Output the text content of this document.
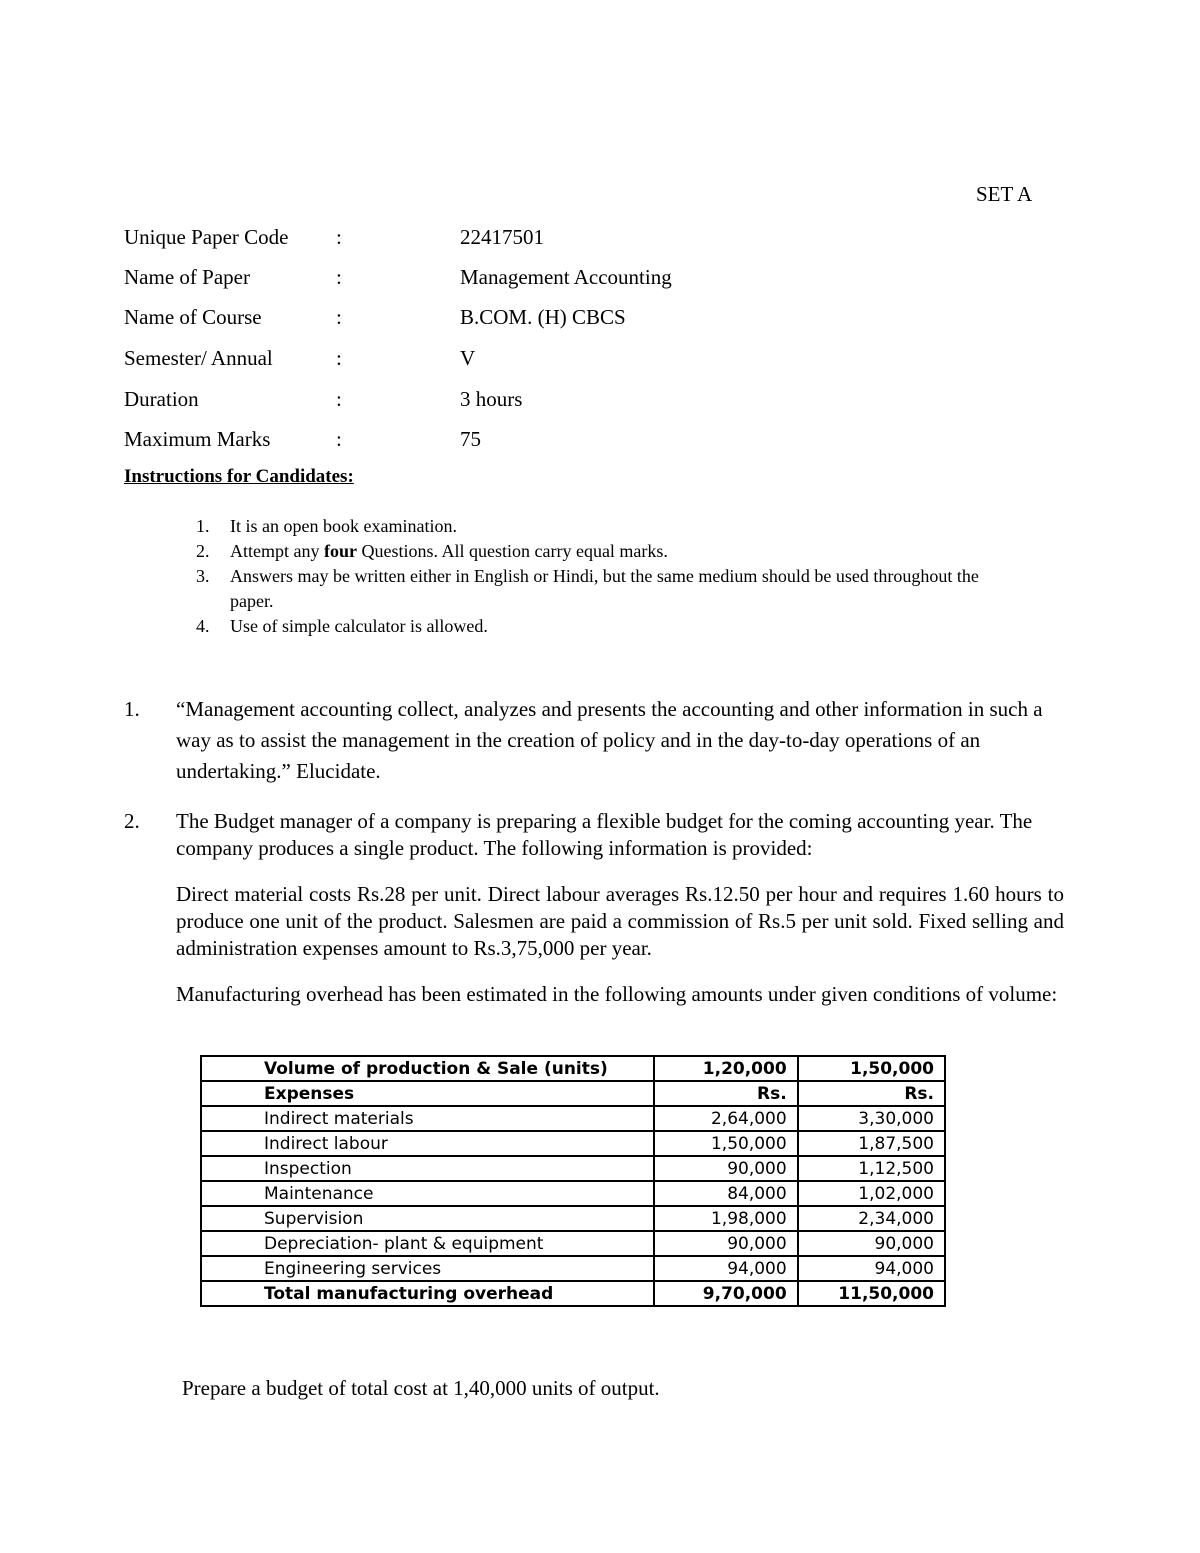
SET A
Unique Paper Code :	22417501
Name of Paper	:	Management Accounting
Name of Course	:	B.COM. (H) CBCS
Semester/ Annual	:	V
Duration	:	3 hours
Maximum Marks	:	75
Instructions for Candidates:
1. It is an open book examination.
2. Attempt any four Questions. All question carry equal marks.
3. Answers may be written either in English or Hindi, but the same medium should be used throughout the paper.
4. Use of simple calculator is allowed.
1. “Management accounting collect, analyzes and presents the accounting and other information in such a way as to assist the management in the creation of policy and in the day-to-day operations of an undertaking.” Elucidate.
2. The Budget manager of a company is preparing a flexible budget for the coming accounting year. The company produces a single product. The following information is provided:

Direct material costs Rs.28 per unit. Direct labour averages Rs.12.50 per hour and requires 1.60 hours to produce one unit of the product. Salesmen are paid a commission of Rs.5 per unit sold. Fixed selling and administration expenses amount to Rs.3,75,000 per year.

Manufacturing overhead has been estimated in the following amounts under given conditions of volume:

Volume of production & Sale (units)	1,20,000	1,50,000
Expenses	Rs.	Rs.
Indirect materials	2,64,000	3,30,000
Indirect labour	1,50,000	1,87,500
Inspection	90,000	1,12,500
Maintenance	84,000	1,02,000
Supervision	1,98,000	2,34,000
Depreciation- plant & equipment	90,000	90,000
Engineering services	94,000	94,000
Total manufacturing overhead	9,70,000	11,50,000
Prepare a budget of total cost at 1,40,000 units of output.
